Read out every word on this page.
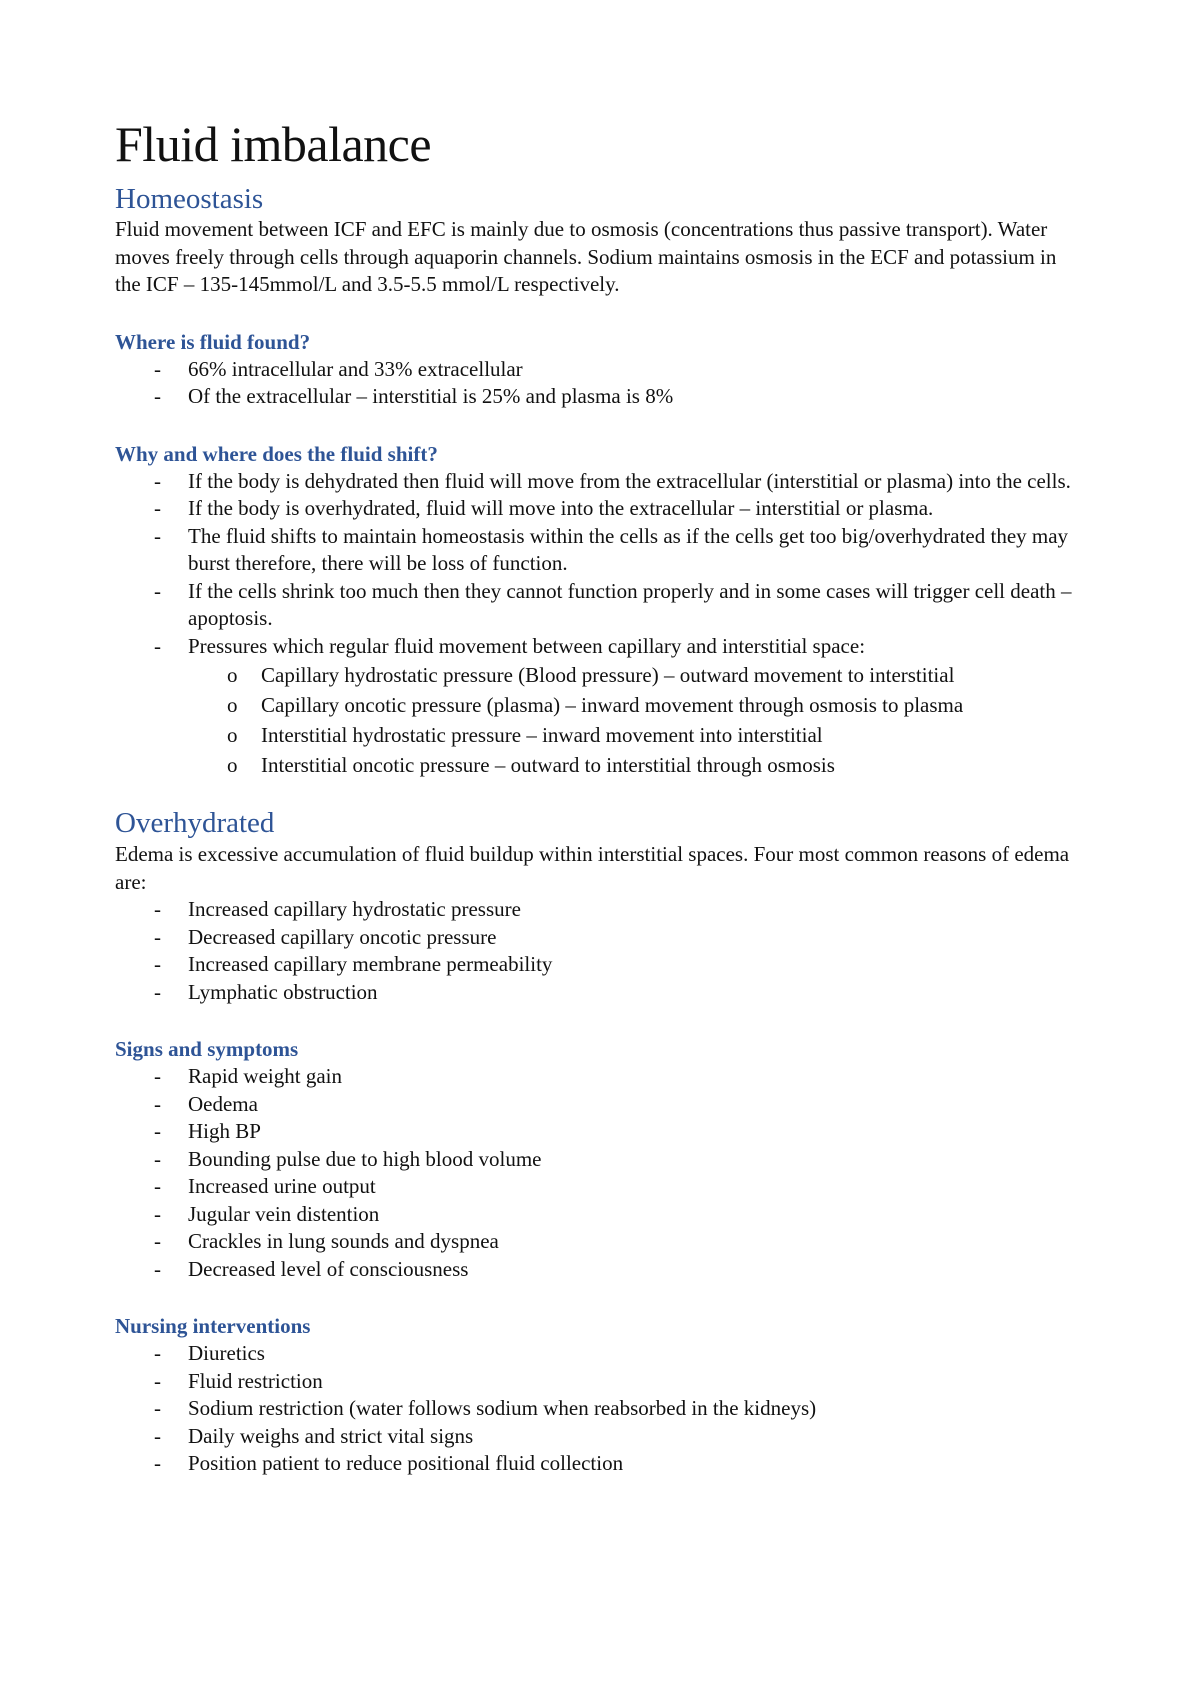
Fluid imbalance
Homeostasis

Fluid movement between ICF and EFC is mainly due to osmosis (concentrations thus passive transport). Water moves freely through cells through aquaporin channels. Sodium maintains osmosis in the ECF and potassium in the ICF – 135-145mmol/L and 3.5-5.5 mmol/L respectively.

Where is fluid found?
- 66% intracellular and 33% extracellular
- Of the extracellular – interstitial is 25% and plasma is 8%
Why and where does the fluid shift?
- If the body is dehydrated then fluid will move from the extracellular (interstitial or plasma) into the cells.
- If the body is overhydrated, fluid will move into the extracellular – interstitial or plasma.
- The fluid shifts to maintain homeostasis within the cells as if the cells get too big/overhydrated they may burst therefore, there will be loss of function.
- If the cells shrink too much then they cannot function properly and in some cases will trigger cell death – apoptosis.
- Pressures which regular fluid movement between capillary and interstitial space:
o Capillary hydrostatic pressure (Blood pressure) – outward movement to interstitial
o Capillary oncotic pressure (plasma) – inward movement through osmosis to plasma
o Interstitial hydrostatic pressure – inward movement into interstitial
o Interstitial oncotic pressure – outward to interstitial through osmosis
Overhydrated

Edema is excessive accumulation of fluid buildup within interstitial spaces. Four most common reasons of edema are:

- Increased capillary hydrostatic pressure
- Decreased capillary oncotic pressure
- Increased capillary membrane permeability
- Lymphatic obstruction
Signs and symptoms
- Rapid weight gain
- Oedema
- High BP
- Bounding pulse due to high blood volume
- Increased urine output
- Jugular vein distention
- Crackles in lung sounds and dyspnea
- Decreased level of consciousness
Nursing interventions
- Diuretics
- Fluid restriction
- Sodium restriction (water follows sodium when reabsorbed in the kidneys)
- Daily weighs and strict vital signs
- Position patient to reduce positional fluid collection
